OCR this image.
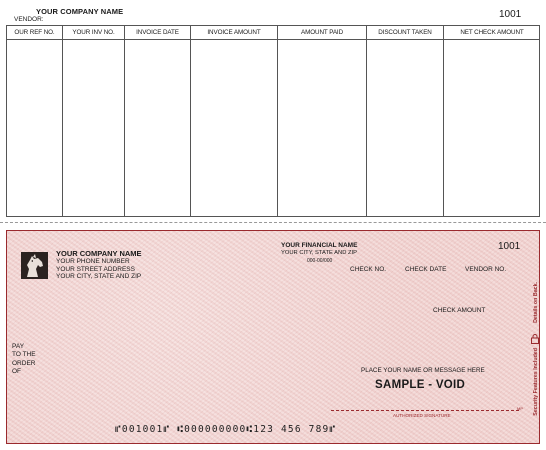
YOUR COMPANY NAME
VENDOR:	1001
OUR REF NO.	YOUR INV NO.	INVOICE DATE	INVOICE AMOUNT	AMOUNT PAID	DISCOUNT TAKEN	NET CHECK AMOUNT
YOUR COMPANY NAME
YOUR PHONE NUMBER
YOUR STREET ADDRESS
YOUR CITY, STATE AND ZIP
YOUR FINANCIAL NAME
YOUR CITY, STATE AND ZIP
000-00/000
1001
CHECK NO.	CHECK DATE	VENDOR NO.
CHECK AMOUNT
PAY
TO THE
ORDER
OF	PLACE YOUR NAME OR MESSAGE HERE
SAMPLE - VOID
MP
AUTHORIZED SIGNATURE
⑈001001⑈ ⑆000000000⑆123 456 789⑈
Details on Back.
Security Features Included
